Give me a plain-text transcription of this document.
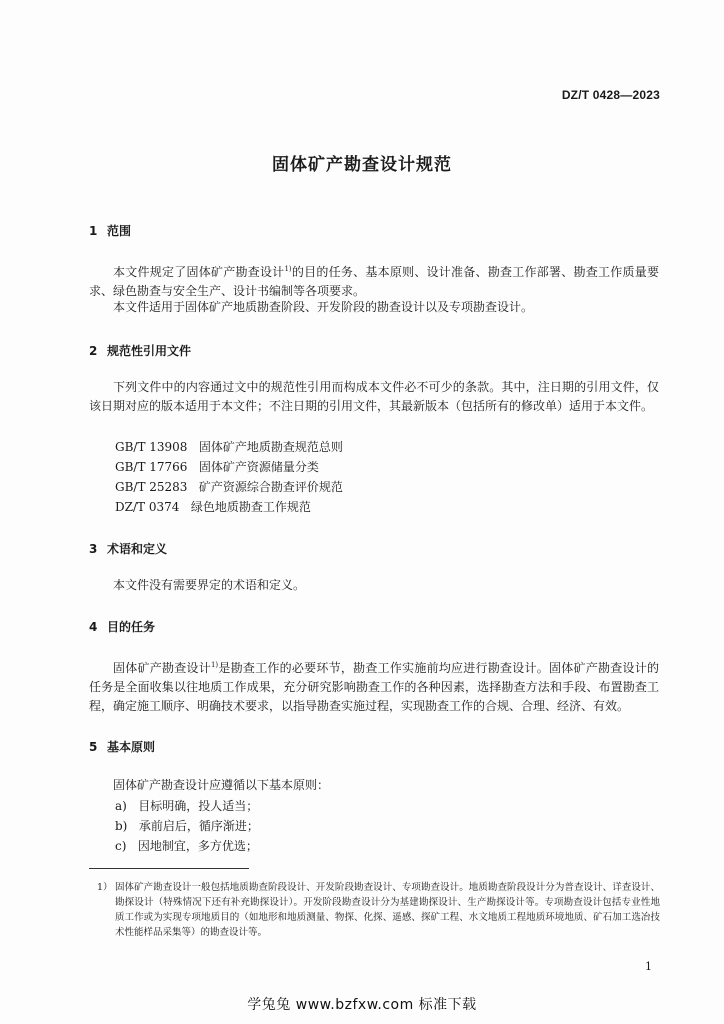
DZ/T 0428—2023
固体矿产勘查设计规范
1 范围
本文件规定了固体矿产勘查设计$^{1)}$的目的任务、基本原则、设计准备、勘查工作部署、勘查工作质量要求、绿色勘查与安全生产、设计书编制等各项要求。
本文件适用于固体矿产地质勘查阶段、开发阶段的勘查设计以及专项勘查设计。
2 规范性引用文件
下列文件中的内容通过文中的规范性引用而构成本文件必不可少的条款。其中，注日期的引用文件，仅该日期对应的版本适用于本文件；不注日期的引用文件，其最新版本（包括所有的修改单）适用于本文件。
GB/T 13908 固体矿产地质勘查规范总则
GB/T 17766 固体矿产资源储量分类
GB/T 25283 矿产资源综合勘查评价规范
DZ/T 0374 绿色地质勘查工作规范
3 术语和定义
本文件没有需要界定的术语和定义。
4 目的任务
固体矿产勘查设计$^{1)}$是勘查工作的必要环节，勘查工作实施前均应进行勘查设计。固体矿产勘查设计的任务是全面收集以往地质工作成果，充分研究影响勘查工作的各种因素，选择勘查方法和手段、布置勘查工程，确定施工顺序、明确技术要求，以指导勘查实施过程，实现勘查工作的合规、合理、经济、有效。
5 基本原则
固体矿产勘查设计应遵循以下基本原则：
a) 目标明确，投人适当；
b) 承前启后，循序渐进；
c) 因地制宜，多方优选；
1） 固体矿产勘查设计一般包括地质勘查阶段设计、开发阶段勘查设计、专项勘查设计。地质勘查阶段设计分为普查设计、详查设计、勘探设计（特殊情况下还有补充勘探设计）。开发阶段勘查设计分为基建勘探设计、生产勘探设计等。专项勘查设计包括专业性地质工作或为实现专项地质目的（如地形和地质测量、物探、化探、遥感、探矿工程、水文地质工程地质环境地质、矿石加工选冶技术性能样品采集等）的勘查设计等。
1
学兔兔 www.bzfxw.com 标准下载
